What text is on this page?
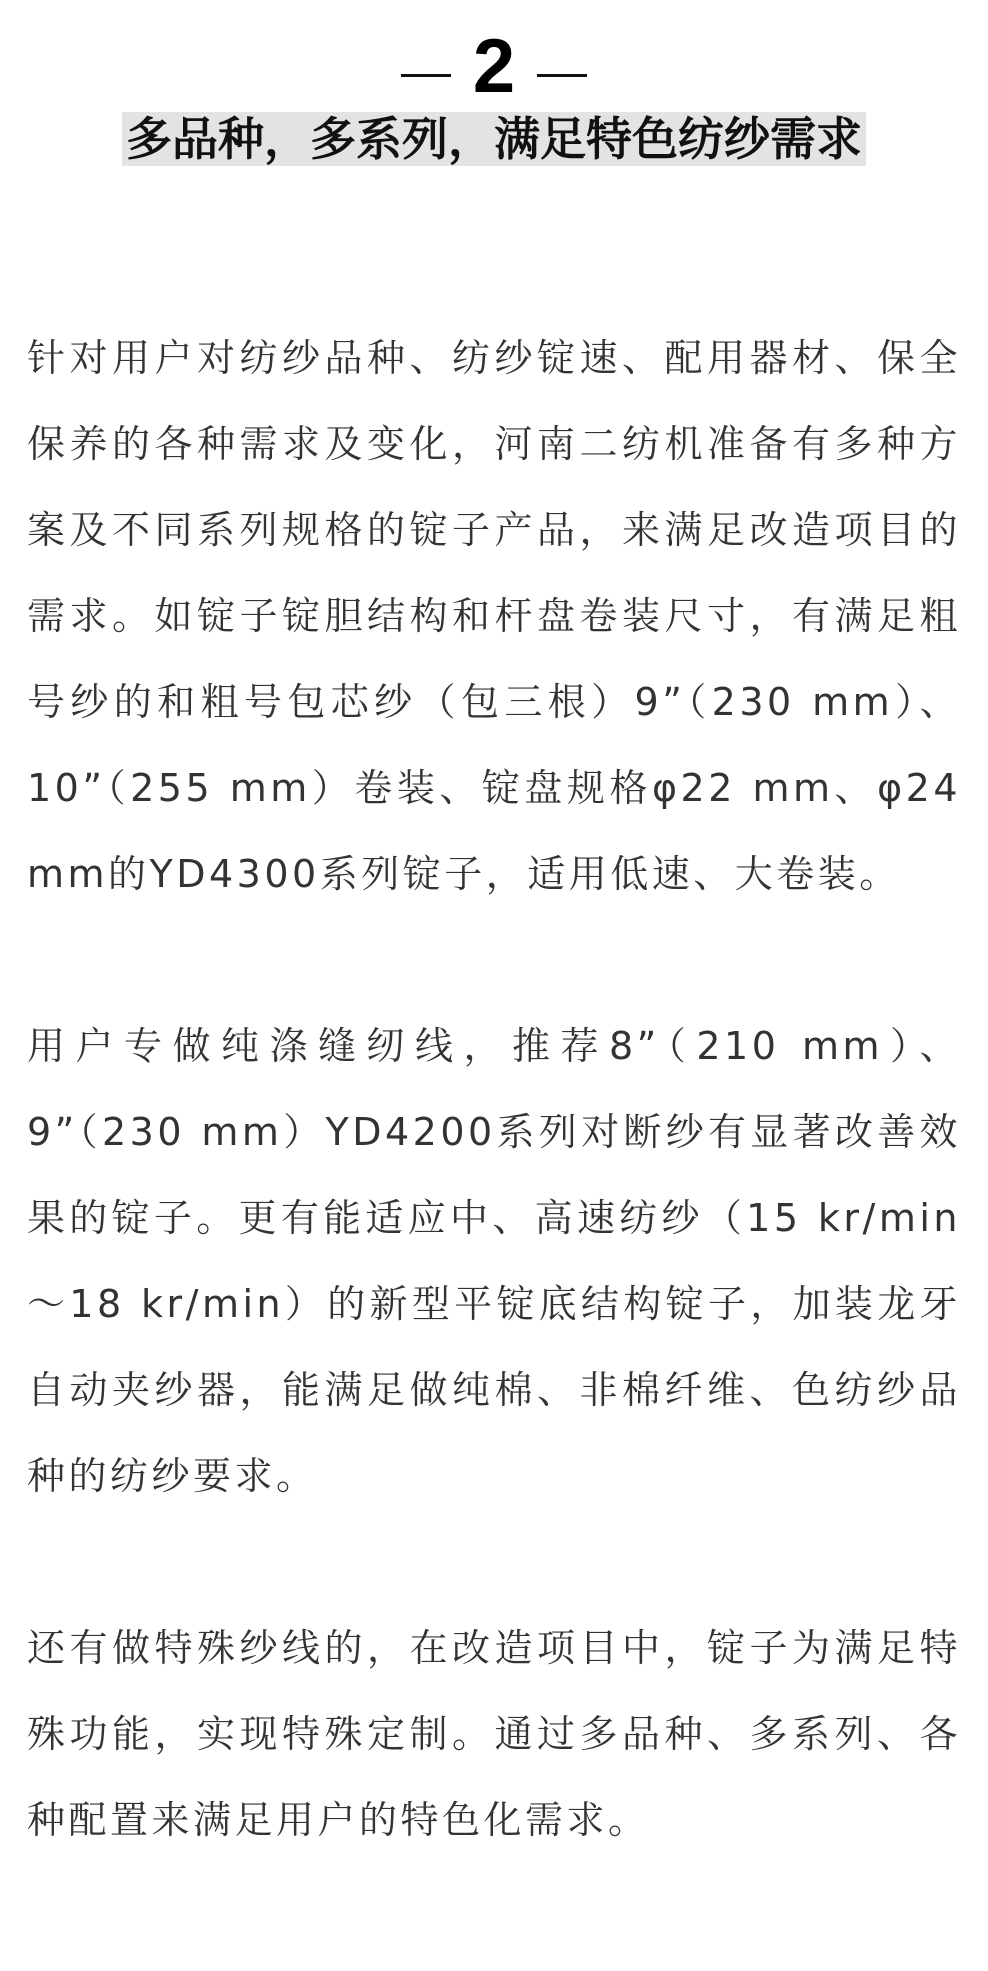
2
多品种，多系列，满足特色纺纱需求

针对用户对纺纱品种、纺纱锭速、配用器材、保全保养的各种需求及变化，河南二纺机准备有多种方案及不同系列规格的锭子产品，来满足改造项目的需求。如锭子锭胆结构和杆盘卷装尺寸，有满足粗号纱的和粗号包芯纱（包三根）9”（230 mm）、10”（255 mm）卷装、锭盘规格φ22 mm、φ24 mm的YD4300系列锭子，适用低速、大卷装。

用户专做纯涤缝纫线，推荐8”（210 mm）、9”（230 mm）YD4200系列对断纱有显著改善效果的锭子。更有能适应中、高速纺纱（15 kr/min～18 kr/min）的新型平锭底结构锭子，加装龙牙自动夹纱器，能满足做纯棉、非棉纤维、色纺纱品种的纺纱要求。

还有做特殊纱线的，在改造项目中，锭子为满足特殊功能，实现特殊定制。通过多品种、多系列、各种配置来满足用户的特色化需求。
